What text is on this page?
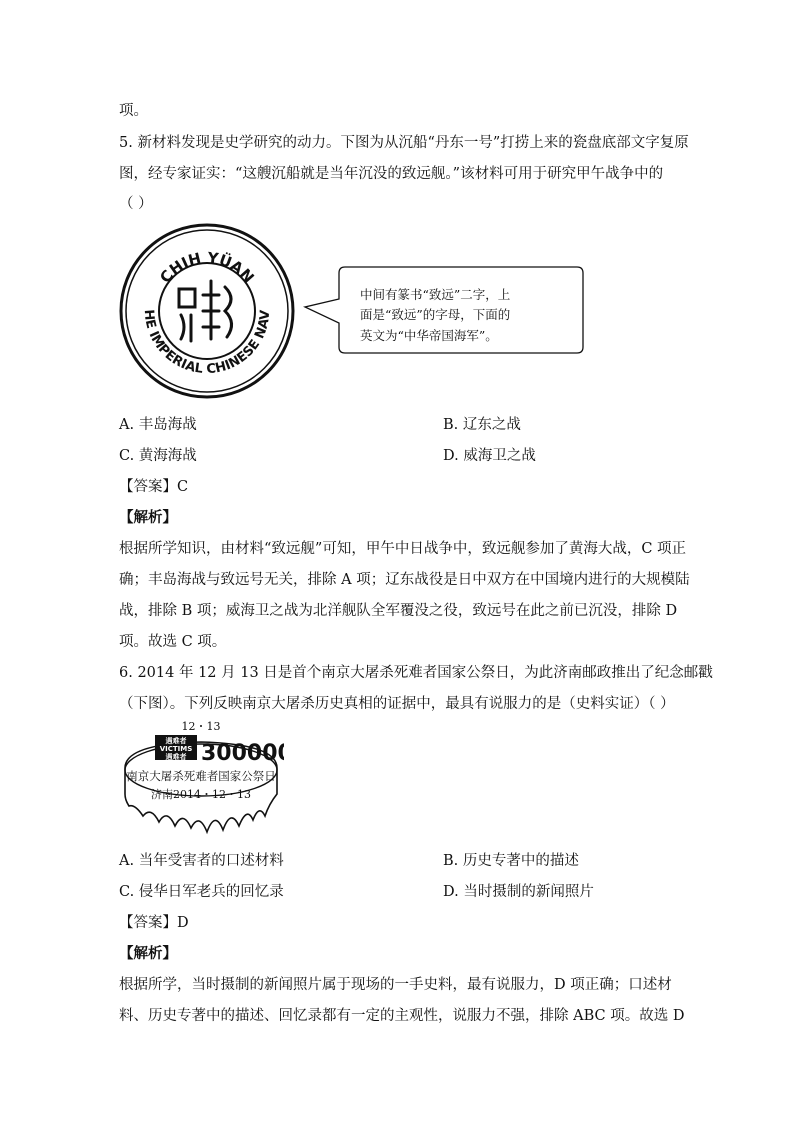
项。
5. 新材料发现是史学研究的动力。下图为从沉船“丹东一号”打捞上来的瓷盘底部文字复原
图，经专家证实：“这艘沉船就是当年沉没的致远舰。”该材料可用于研究甲午战争中的
（ ）
CHIH YÜAN
HE IMPERIAL CHINESE NAV
中间有篆书“致远”二字，上
面是“致远”的字母，下面的
英文为“中华帝国海军”。
A. 丰岛海战	B. 辽东之战
C. 黄海海战	D. 威海卫之战
【答案】C
【解析】
根据所学知识，由材料“致远舰”可知，甲午中日战争中，致远舰参加了黄海大战，C 项正
确；丰岛海战与致远号无关，排除 A 项；辽东战役是日中双方在中国境内进行的大规模陆
战，排除 B 项；威海卫之战为北洋舰队全军覆没之役，致远号在此之前已沉没，排除 D
项。故选 C 项。
6. 2014 年 12 月 13 日是首个南京大屠杀死难者国家公祭日，为此济南邮政推出了纪念邮戳
（下图）。下列反映南京大屠杀历史真相的证据中，最具有说服力的是（史料实证）（ ）
12・13
遇难者
VICTIMS
遇难者 300000
南京大屠杀死难者国家公祭日
济南2014・12・13
A. 当年受害者的口述材料	B. 历史专著中的描述
C. 侵华日军老兵的回忆录	D. 当时摄制的新闻照片
【答案】D
【解析】
根据所学，当时摄制的新闻照片属于现场的一手史料，最有说服力，D 项正确；口述材
料、历史专著中的描述、回忆录都有一定的主观性，说服力不强，排除 ABC 项。故选 D
